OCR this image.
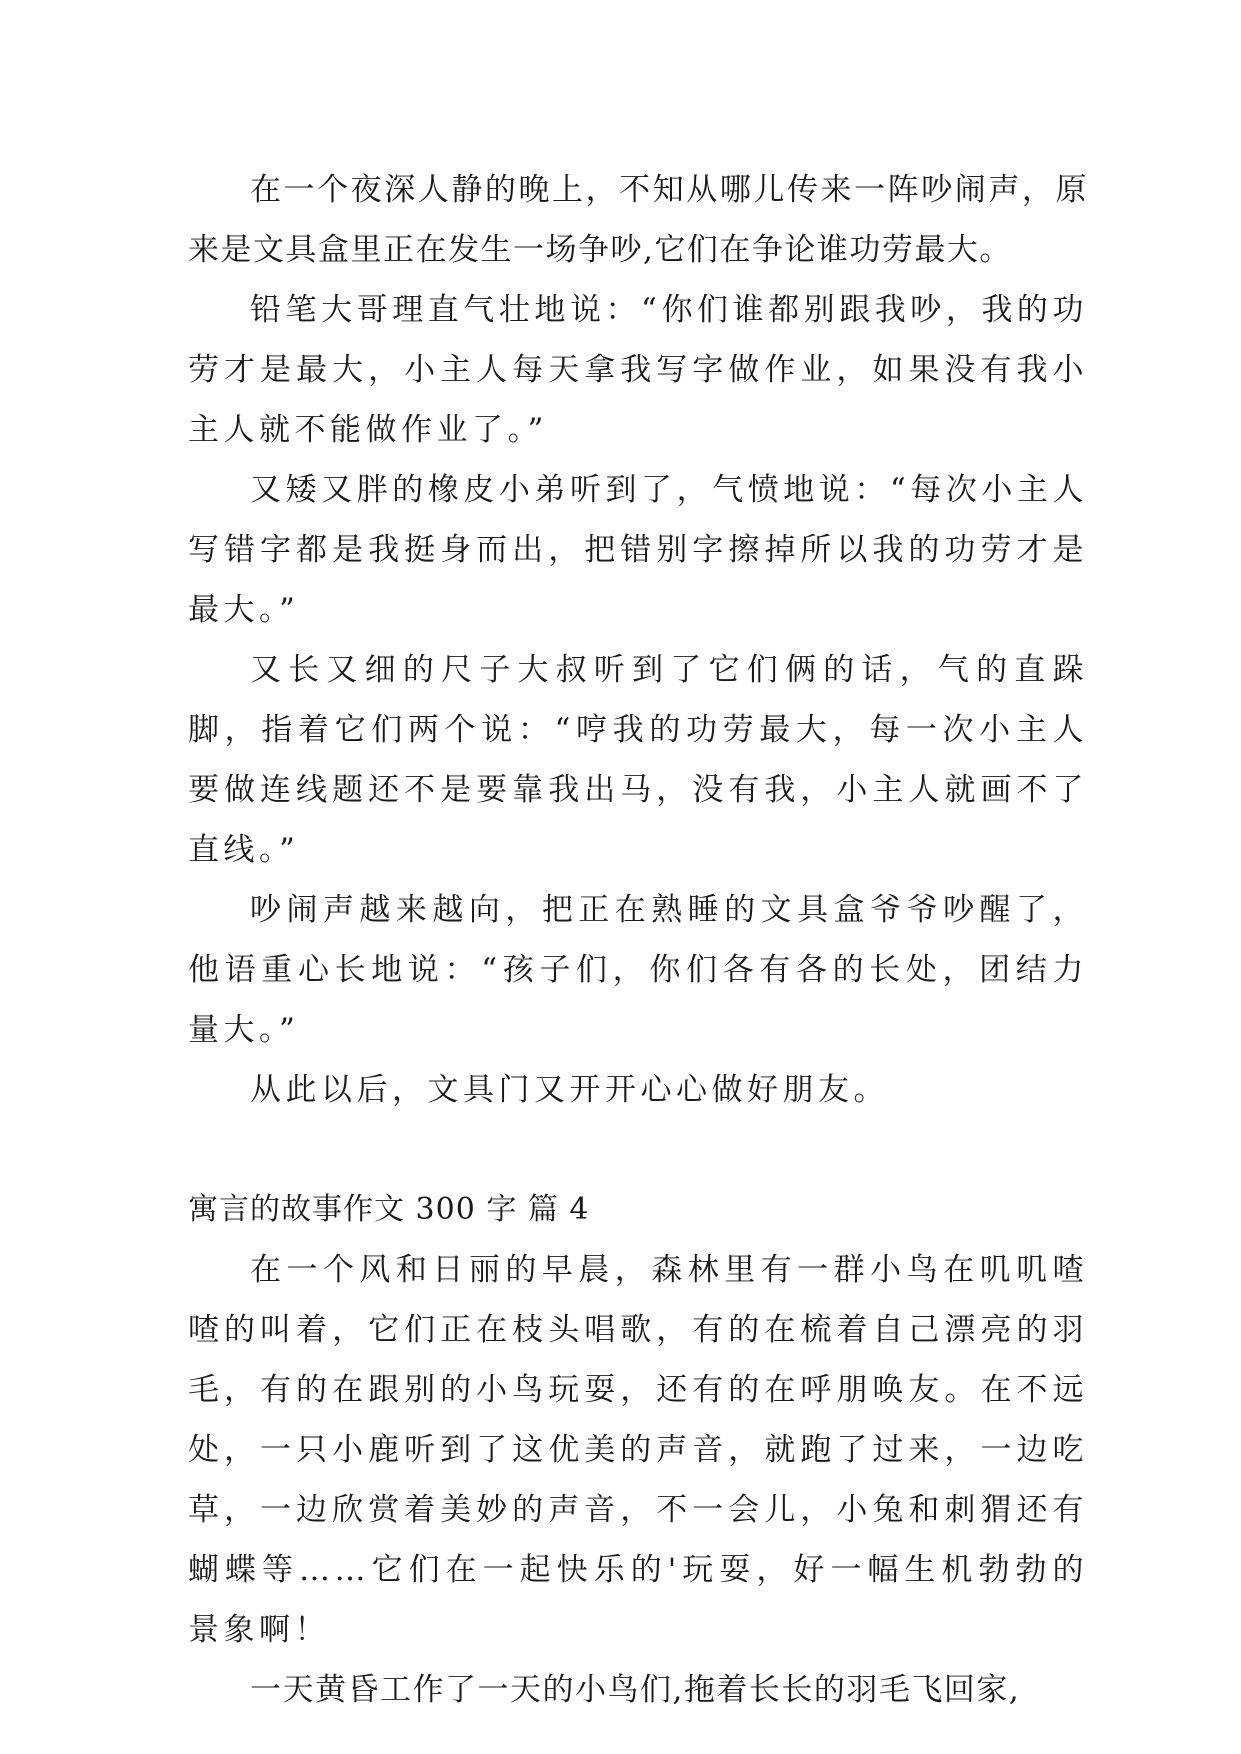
在一个夜深人静的晚上，不知从哪儿传来一阵吵闹声，原来是文具盒里正在发生一场争吵,它们在争论谁功劳最大。

铅笔大哥理直气壮地说：“你们谁都别跟我吵，我的功劳才是最大，小主人每天拿我写字做作业，如果没有我小主人就不能做作业了。”

又矮又胖的橡皮小弟听到了，气愤地说：“每次小主人写错字都是我挺身而出，把错别字擦掉所以我的功劳才是最大。”

又长又细的尺子大叔听到了它们俩的话，气的直跺脚，指着它们两个说：“哼我的功劳最大，每一次小主人要做连线题还不是要靠我出马，没有我，小主人就画不了直线。”

吵闹声越来越向，把正在熟睡的文具盒爷爷吵醒了，他语重心长地说：“孩子们，你们各有各的长处，团结力量大。”

从此以后，文具门又开开心心做好朋友。

寓言的故事作文 300 字 篇 4

在一个风和日丽的早晨，森林里有一群小鸟在叽叽喳喳的叫着，它们正在枝头唱歌，有的在梳着自己漂亮的羽毛，有的在跟别的小鸟玩耍，还有的在呼朋唤友。在不远处，一只小鹿听到了这优美的声音，就跑了过来，一边吃草，一边欣赏着美妙的声音，不一会儿，小兔和刺猬还有蝴蝶等……它们在一起快乐的'玩耍，好一幅生机勃勃的景象啊！

一天黄昏工作了一天的小鸟们,拖着长长的羽毛飞回家,
